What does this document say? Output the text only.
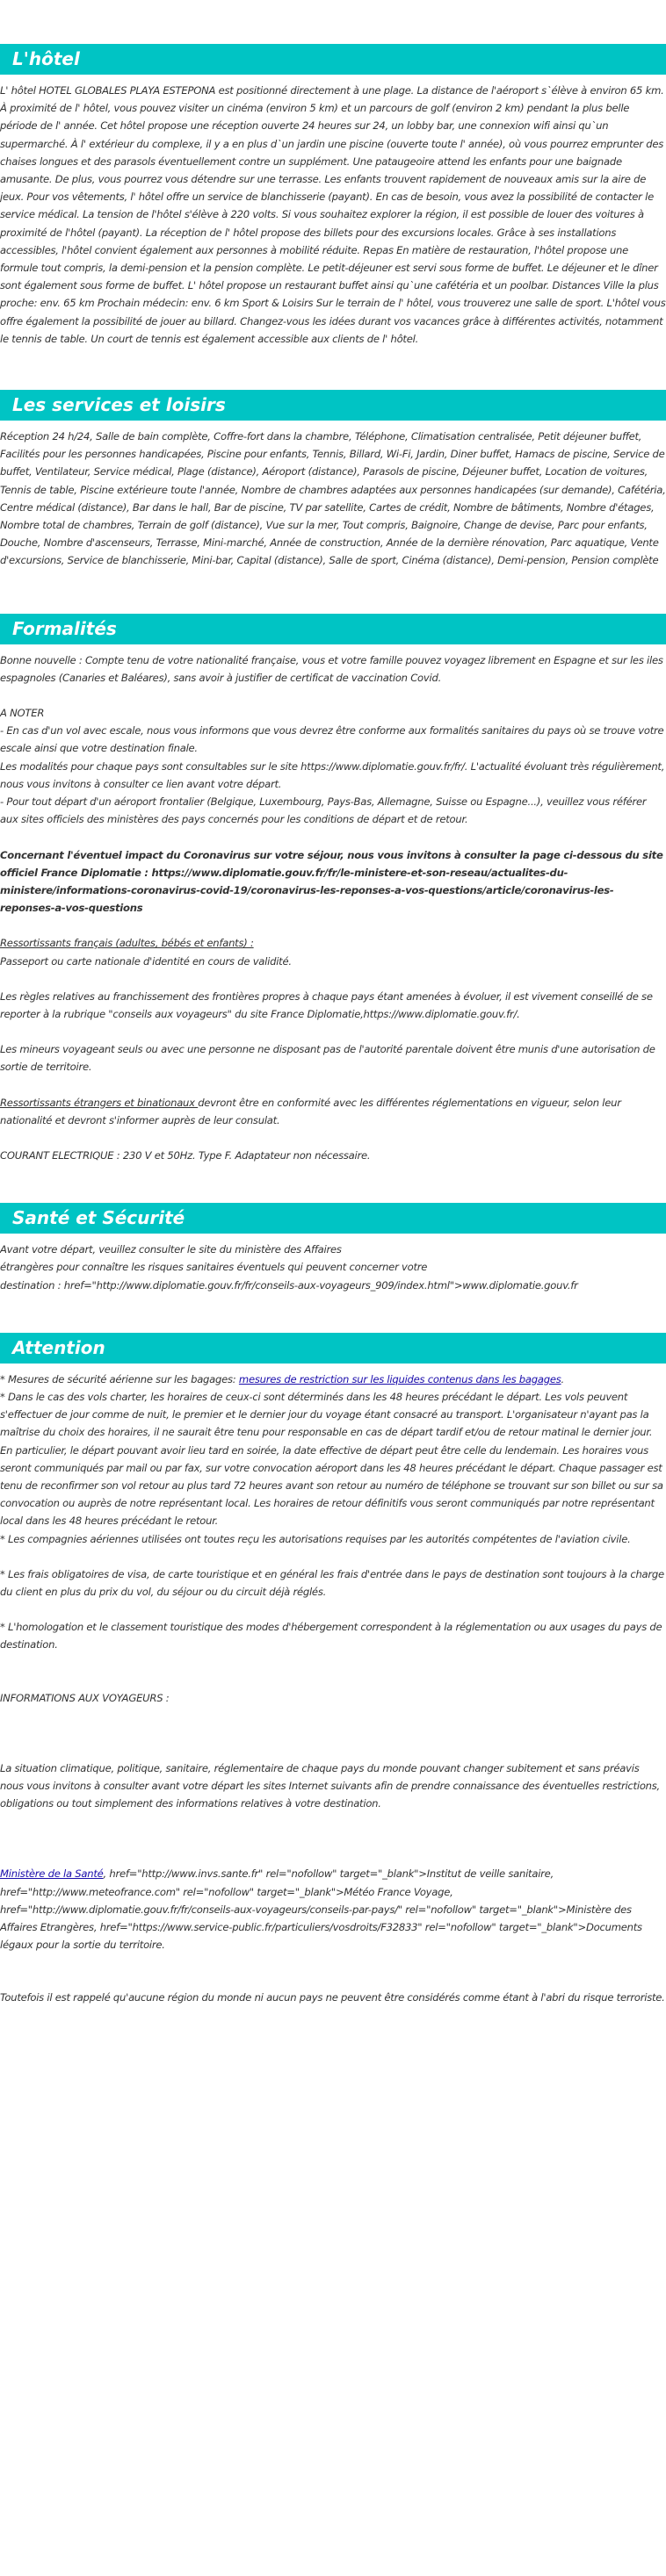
L'hôtel

L' hôtel HOTEL GLOBALES PLAYA ESTEPONA est positionné directement à une plage. La distance de l'aéroport s`élève à environ 65 km. À proximité de l' hôtel, vous pouvez visiter un cinéma (environ 5 km) et un parcours de golf (environ 2 km) pendant la plus belle période de l' année. Cet hôtel propose une réception ouverte 24 heures sur 24, un lobby bar, une connexion wifi ainsi qu`un supermarché. À l' extérieur du complexe, il y a en plus d`un jardin une piscine (ouverte toute l' année), où vous pourrez emprunter des chaises longues et des parasols éventuellement contre un supplément. Une pataugeoire attend les enfants pour une baignade amusante. De plus, vous pourrez vous détendre sur une terrasse. Les enfants trouvent rapidement de nouveaux amis sur la aire de jeux. Pour vos vêtements, l' hôtel offre un service de blanchisserie (payant). En cas de besoin, vous avez la possibilité de contacter le service médical. La tension de l'hôtel s'élève à 220 volts. Si vous souhaitez explorer la région, il est possible de louer des voitures à proximité de l'hôtel (payant). La réception de l' hôtel propose des billets pour des excursions locales. Grâce à ses installations accessibles, l'hôtel convient également aux personnes à mobilité réduite. Repas En matière de restauration, l'hôtel propose une formule tout compris, la demi-pension et la pension complète. Le petit-déjeuner est servi sous forme de buffet. Le déjeuner et le dîner sont également sous forme de buffet. L' hôtel propose un restaurant buffet ainsi qu`une cafétéria et un poolbar. Distances Ville la plus proche: env. 65 km Prochain médecin: env. 6 km Sport & Loisirs Sur le terrain de l' hôtel, vous trouverez une salle de sport. L'hôtel vous offre également la possibilité de jouer au billard. Changez-vous les idées durant vos vacances grâce à différentes activités, notamment le tennis de table. Un court de tennis est également accessible aux clients de l' hôtel.

Les services et loisirs

Réception 24 h/24, Salle de bain complète, Coffre-fort dans la chambre, Téléphone, Climatisation centralisée, Petit déjeuner buffet, Facilités pour les personnes handicapées, Piscine pour enfants, Tennis, Billard, Wi-Fi, Jardin, Diner buffet, Hamacs de piscine, Service de buffet, Ventilateur, Service médical, Plage (distance), Aéroport (distance), Parasols de piscine, Déjeuner buffet, Location de voitures, Tennis de table, Piscine extérieure toute l'année, Nombre de chambres adaptées aux personnes handicapées (sur demande), Cafétéria, Centre médical (distance), Bar dans le hall, Bar de piscine, TV par satellite, Cartes de crédit, Nombre de bâtiments, Nombre d'étages, Nombre total de chambres, Terrain de golf (distance), Vue sur la mer, Tout compris, Baignoire, Change de devise, Parc pour enfants, Douche, Nombre d'ascenseurs, Terrasse, Mini-marché, Année de construction, Année de la dernière rénovation, Parc aquatique, Vente d'excursions, Service de blanchisserie, Mini-bar, Capital (distance), Salle de sport, Cinéma (distance), Demi-pension, Pension complète

Formalités

Bonne nouvelle : Compte tenu de votre nationalité française, vous et votre famille pouvez voyagez librement en Espagne et sur les iles espagnoles (Canaries et Baléares), sans avoir à justifier de certificat de vaccination Covid.

A NOTER

- En cas d'un vol avec escale, nous vous informons que vous devrez être conforme aux formalités sanitaires du pays où se trouve votre escale ainsi que votre destination finale.

Les modalités pour chaque pays sont consultables sur le site https://www.diplomatie.gouv.fr/fr/. L'actualité évoluant très régulièrement, nous vous invitons à consulter ce lien avant votre départ.

- Pour tout départ d'un aéroport frontalier (Belgique, Luxembourg, Pays-Bas, Allemagne, Suisse ou Espagne...), veuillez vous référer aux sites officiels des ministères des pays concernés pour les conditions de départ et de retour.

Concernant l'éventuel impact du Coronavirus sur votre séjour, nous vous invitons à consulter la page ci-dessous du site officiel France Diplomatie : https://www.diplomatie.gouv.fr/fr/le-ministere-et-son-reseau/actualites-du-ministere/informations-coronavirus-covid-19/coronavirus-les-reponses-a-vos-questions/article/coronavirus-les-reponses-a-vos-questions

Ressortissants français (adultes, bébés et enfants) :

Passeport ou carte nationale d'identité en cours de validité.

Les règles relatives au franchissement des frontières propres à chaque pays étant amenées à évoluer, il est vivement conseillé de se reporter à la rubrique "conseils aux voyageurs" du site France Diplomatie,https://www.diplomatie.gouv.fr/.

Les mineurs voyageant seuls ou avec une personne ne disposant pas de l'autorité parentale doivent être munis d'une autorisation de sortie de territoire.

Ressortissants étrangers et binationaux devront être en conformité avec les différentes réglementations en vigueur, selon leur nationalité et devront s'informer auprès de leur consulat.

COURANT ELECTRIQUE : 230 V et 50Hz. Type F. Adaptateur non nécessaire.

Santé et Sécurité

Avant votre départ, veuillez consulter le site du ministère des Affaires

étrangères pour connaître les risques sanitaires éventuels qui peuvent concerner votre

destination : href="http://www.diplomatie.gouv.fr/fr/conseils-aux-voyageurs_909/index.html">www.diplomatie.gouv.fr

Attention

* Mesures de sécurité aérienne sur les bagages: mesures de restriction sur les liquides contenus dans les bagages.

* Dans le cas des vols charter, les horaires de ceux-ci sont déterminés dans les 48 heures précédant le départ. Les vols peuvent s'effectuer de jour comme de nuit, le premier et le dernier jour du voyage étant consacré au transport. L'organisateur n'ayant pas la maîtrise du choix des horaires, il ne saurait être tenu pour responsable en cas de départ tardif et/ou de retour matinal le dernier jour. En particulier, le départ pouvant avoir lieu tard en soirée, la date effective de départ peut être celle du lendemain. Les horaires vous seront communiqués par mail ou par fax, sur votre convocation aéroport dans les 48 heures précédant le départ. Chaque passager est tenu de reconfirmer son vol retour au plus tard 72 heures avant son retour au numéro de téléphone se trouvant sur son billet ou sur sa convocation ou auprès de notre représentant local. Les horaires de retour définitifs vous seront communiqués par notre représentant local dans les 48 heures précédant le retour.

* Les compagnies aériennes utilisées ont toutes reçu les autorisations requises par les autorités compétentes de l'aviation civile.

* Les frais obligatoires de visa, de carte touristique et en général les frais d'entrée dans le pays de destination sont toujours à la charge du client en plus du prix du vol, du séjour ou du circuit déjà réglés.

* L'homologation et le classement touristique des modes d'hébergement correspondent à la réglementation ou aux usages du pays de destination.

INFORMATIONS AUX VOYAGEURS :

La situation climatique, politique, sanitaire, réglementaire de chaque pays du monde pouvant changer subitement et sans préavis

nous vous invitons à consulter avant votre départ les sites Internet suivants afin de prendre connaissance des éventuelles restrictions, obligations ou tout simplement des informations relatives à votre destination.

Ministère de la Santé, href="http://www.invs.sante.fr" rel="nofollow" target="_blank">Institut de veille sanitaire, href="http://www.meteofrance.com" rel="nofollow" target="_blank">Météo France Voyage, href="http://www.diplomatie.gouv.fr/fr/conseils-aux-voyageurs/conseils-par-pays/" rel="nofollow" target="_blank">Ministère des Affaires Etrangères, href="https://www.service-public.fr/particuliers/vosdroits/F32833" rel="nofollow" target="_blank">Documents légaux pour la sortie du territoire.

Toutefois il est rappelé qu'aucune région du monde ni aucun pays ne peuvent être considérés comme étant à l'abri du risque terroriste.
